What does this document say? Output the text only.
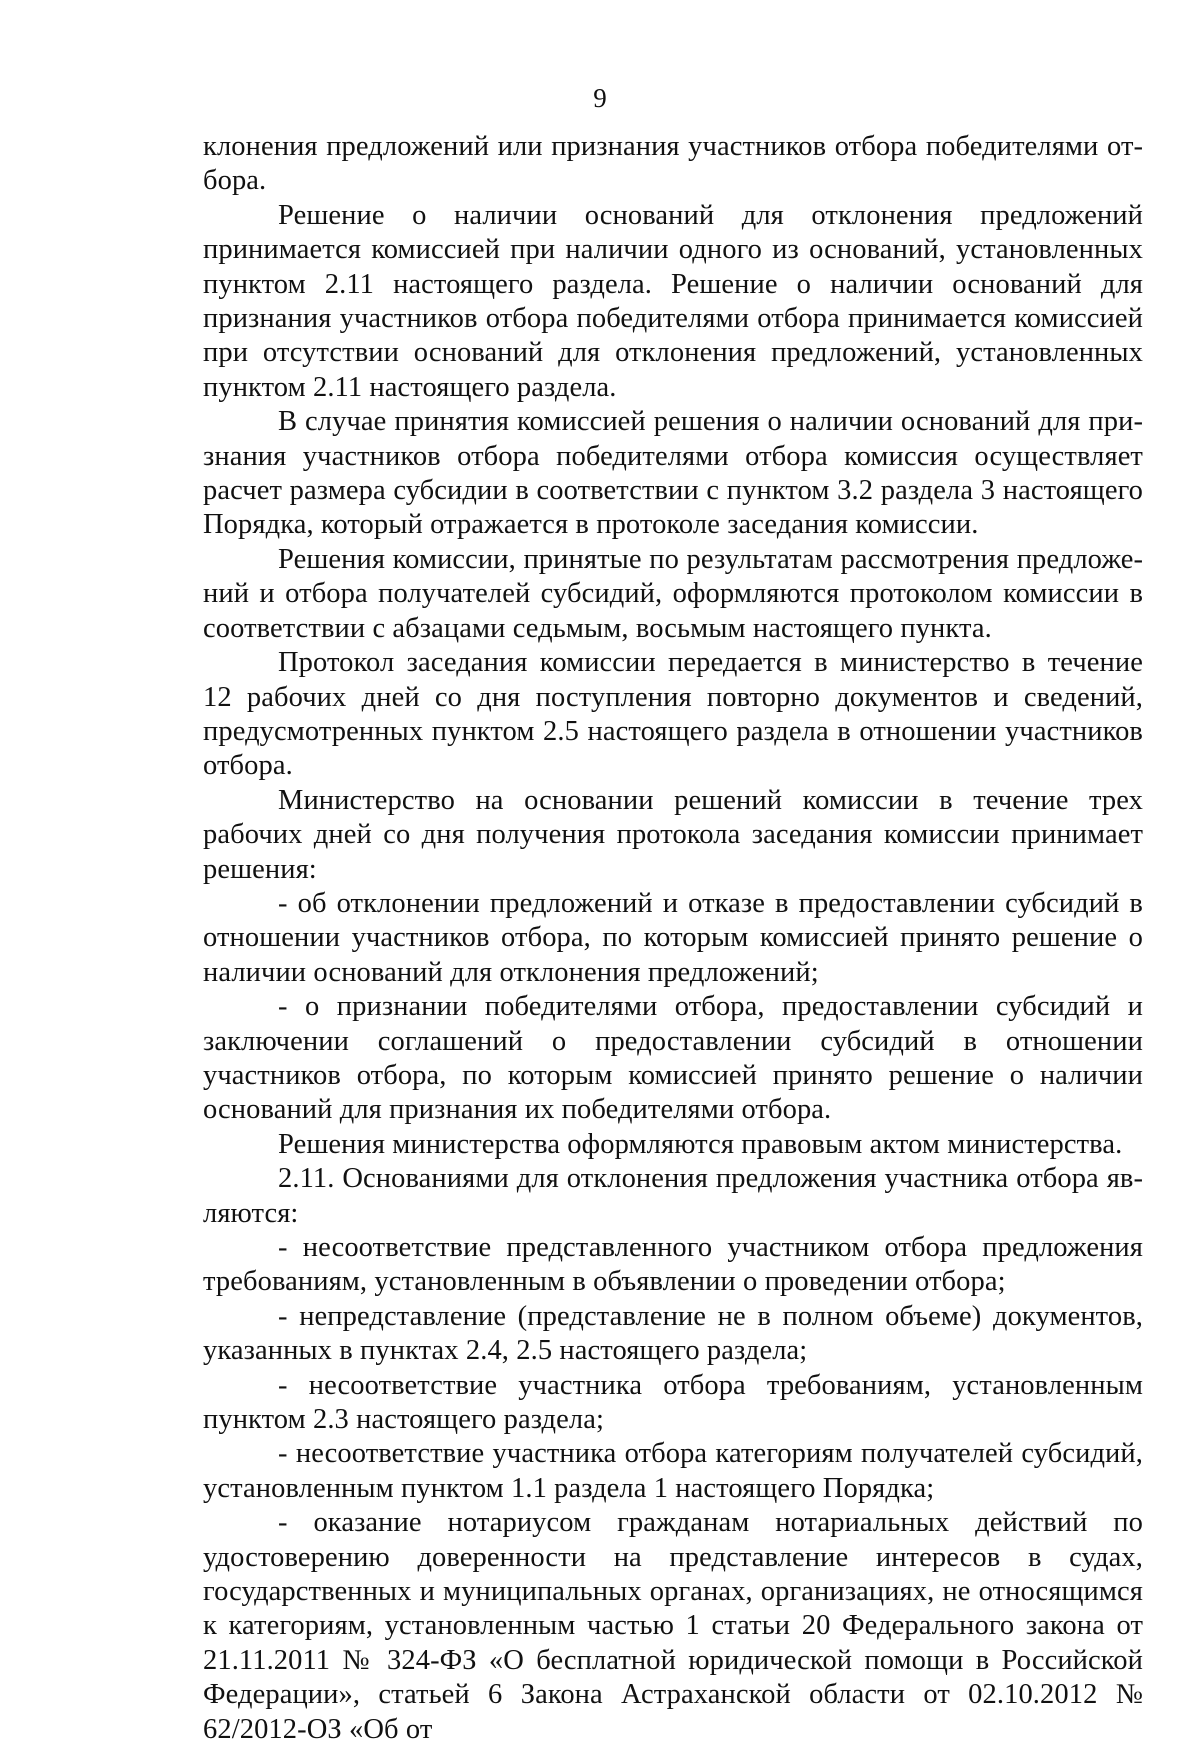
9

клонения предложений или признания участников отбора победителями отбора.

Решение о наличии оснований для отклонения предложений принимается комиссией при наличии одного из оснований, установленных пунктом 2.11 настоящего раздела. Решение о наличии оснований для признания участников отбора победителями отбора принимается комиссией при отсутствии оснований для отклонения предложений, установленных пунктом 2.11 настоящего раздела.

В случае принятия комиссией решения о наличии оснований для признания участников отбора победителями отбора комиссия осуществляет расчет размера субсидии в соответствии с пунктом 3.2 раздела 3 настоящего Порядка, который отражается в протоколе заседания комиссии.

Решения комиссии, принятые по результатам рассмотрения предложений и отбора получателей субсидий, оформляются протоколом комиссии в соответствии с абзацами седьмым, восьмым настоящего пункта.

Протокол заседания комиссии передается в министерство в течение 12 рабочих дней со дня поступления повторно документов и сведений, предусмотренных пунктом 2.5 настоящего раздела в отношении участников отбора.

Министерство на основании решений комиссии в течение трех рабочих дней со дня получения протокола заседания комиссии принимает решения:

- об отклонении предложений и отказе в предоставлении субсидий в отношении участников отбора, по которым комиссией принято решение о наличии оснований для отклонения предложений;

- о признании победителями отбора, предоставлении субсидий и заключении соглашений о предоставлении субсидий в отношении участников отбора, по которым комиссией принято решение о наличии оснований для признания их победителями отбора.

Решения министерства оформляются правовым актом министерства.

2.11. Основаниями для отклонения предложения участника отбора являются:

- несоответствие представленного участником отбора предложения требованиям, установленным в объявлении о проведении отбора;

- непредставление (представление не в полном объеме) документов, указанных в пунктах 2.4, 2.5 настоящего раздела;

- несоответствие участника отбора требованиям, установленным пунктом 2.3 настоящего раздела;

- несоответствие участника отбора категориям получателей субсидий, установленным пунктом 1.1 раздела 1 настоящего Порядка;

- оказание нотариусом гражданам нотариальных действий по удостоверению доверенности на представление интересов в судах, государственных и муниципальных органах, организациях, не относящимся к категориям, установленным частью 1 статьи 20 Федерального закона от 21.11.2011 № 324-ФЗ «О бесплатной юридической помощи в Российской Федерации», статьей 6 Закона Астраханской области от 02.10.2012 № 62/2012-ОЗ «Об от
